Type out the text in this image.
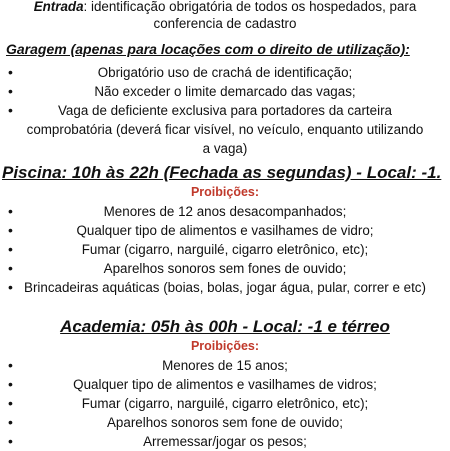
Entrada: identificação obrigatória de todos os hospedados, para
conferencia de cadastro
Garagem (apenas para locações com o direito de utilização):
•	Obrigatório uso de crachá de identificação;
•	Não exceder o limite demarcado das vagas;
•	Vaga de deficiente exclusiva para portadores da carteira comprobatória (deverá ficar visível, no veículo, enquanto utilizando a vaga)
Piscina: 10h às 22h (Fechada as segundas) - Local: -1.
Proibições:
•	Menores de 12 anos desacompanhados;
•	Qualquer tipo de alimentos e vasilhames de vidro;
•	Fumar (cigarro, narguilé, cigarro eletrônico, etc);
•	Aparelhos sonoros sem fones de ouvido;
• Brincadeiras aquáticas (boias, bolas, jogar água, pular, correr e etc)
Academia: 05h às 00h - Local: -1 e térreo
Proibições:
•	Menores de 15 anos;
•	Qualquer tipo de alimentos e vasilhames de vidros;
•	Fumar (cigarro, narguilé, cigarro eletrônico, etc);
•	Aparelhos sonoros sem fone de ouvido;
•	Arremessar/jogar os pesos;
